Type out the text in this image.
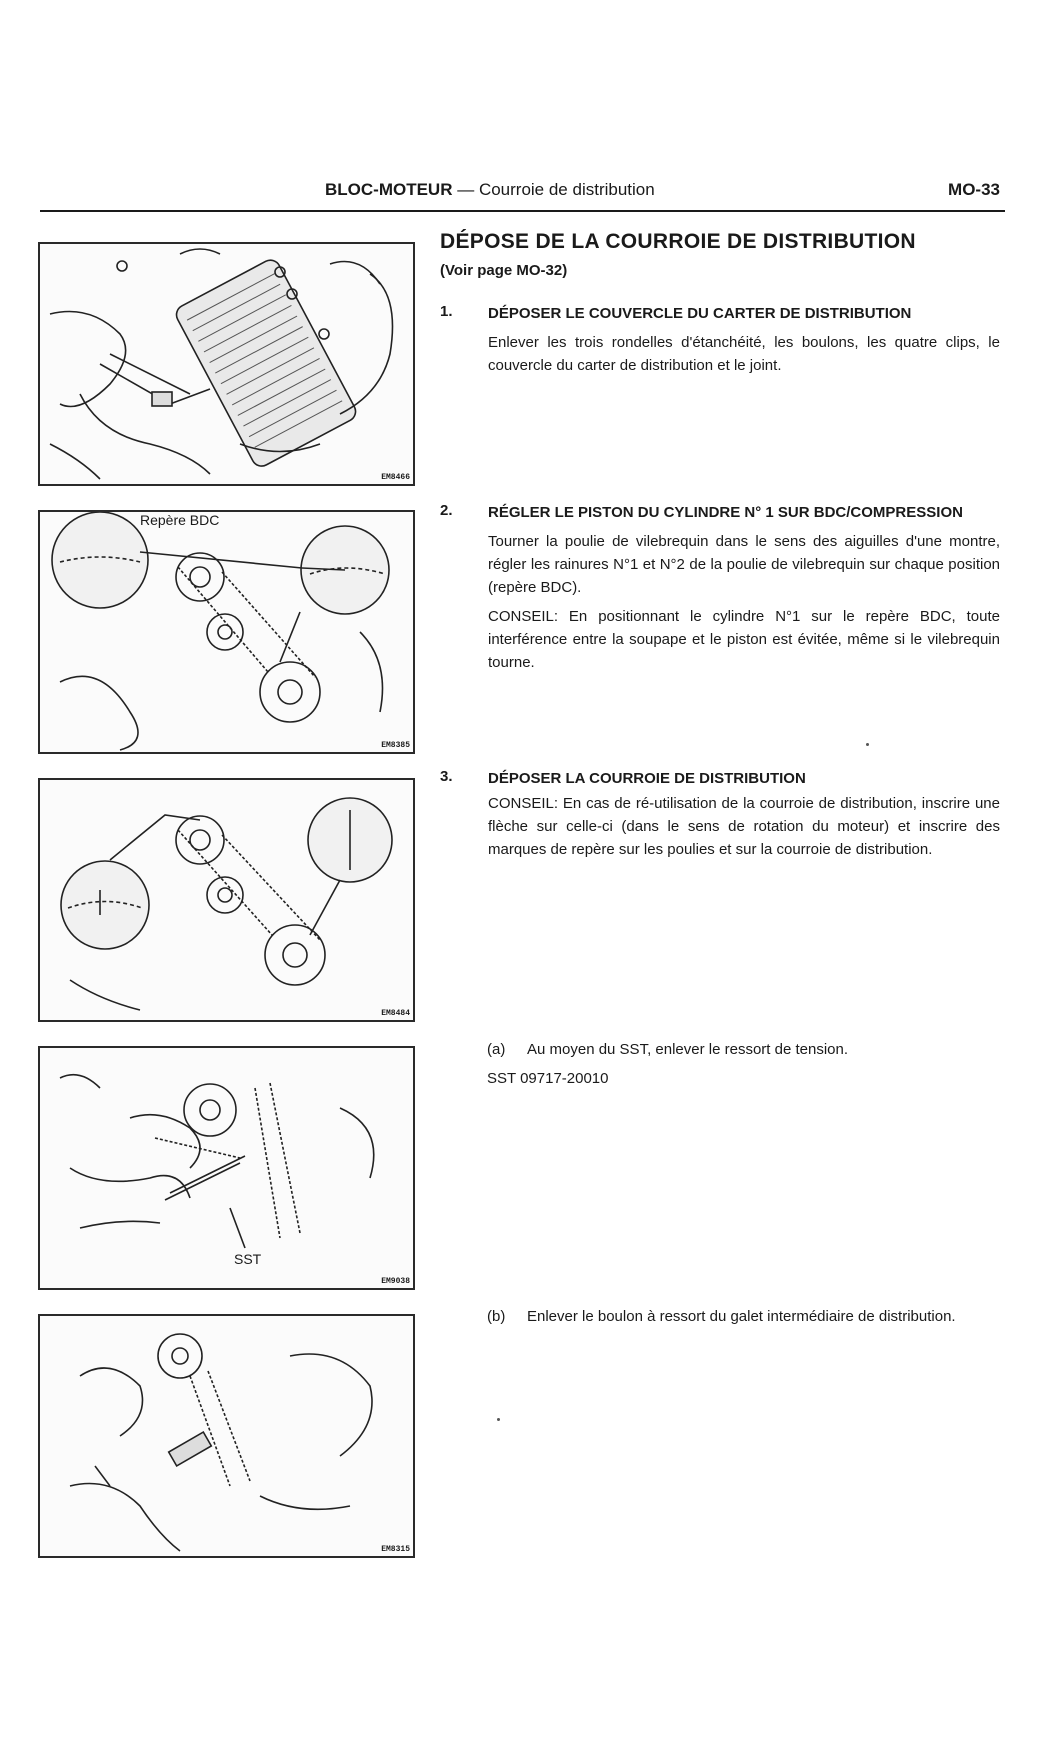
BLOC-MOTEUR — Courroie de distribution	MO-33
DÉPOSE DE LA COURROIE DE DISTRIBUTION
(Voir page MO-32)
1. DÉPOSER LE COUVERCLE DU CARTER DE DISTRIBUTION
Enlever les trois rondelles d'étanchéité, les boulons, les quatre clips, le couvercle du carter de distribution et le joint.
2. RÉGLER LE PISTON DU CYLINDRE N° 1 SUR BDC/COMPRESSION
Tourner la poulie de vilebrequin dans le sens des aiguilles d'une montre, régler les rainures N°1 et N°2 de la poulie de vilebrequin sur chaque position (repère BDC).
CONSEIL: En positionnant le cylindre N°1 sur le repère BDC, toute interférence entre la soupape et le piston est évitée, même si le vilebrequin tourne.
3. DÉPOSER LA COURROIE DE DISTRIBUTION
CONSEIL: En cas de ré-utilisation de la courroie de distribution, inscrire une flèche sur celle-ci (dans le sens de rotation du moteur) et inscrire des marques de repère sur les poulies et sur la courroie de distribution.
(a) Au moyen du SST, enlever le ressort de tension.
SST 09717-20010
(b)	Enlever le boulon à ressort du galet intermédiaire de distribution.
EM8466
Repère BDC
EM8385
EM8484
SST
EM9038
EM8315
